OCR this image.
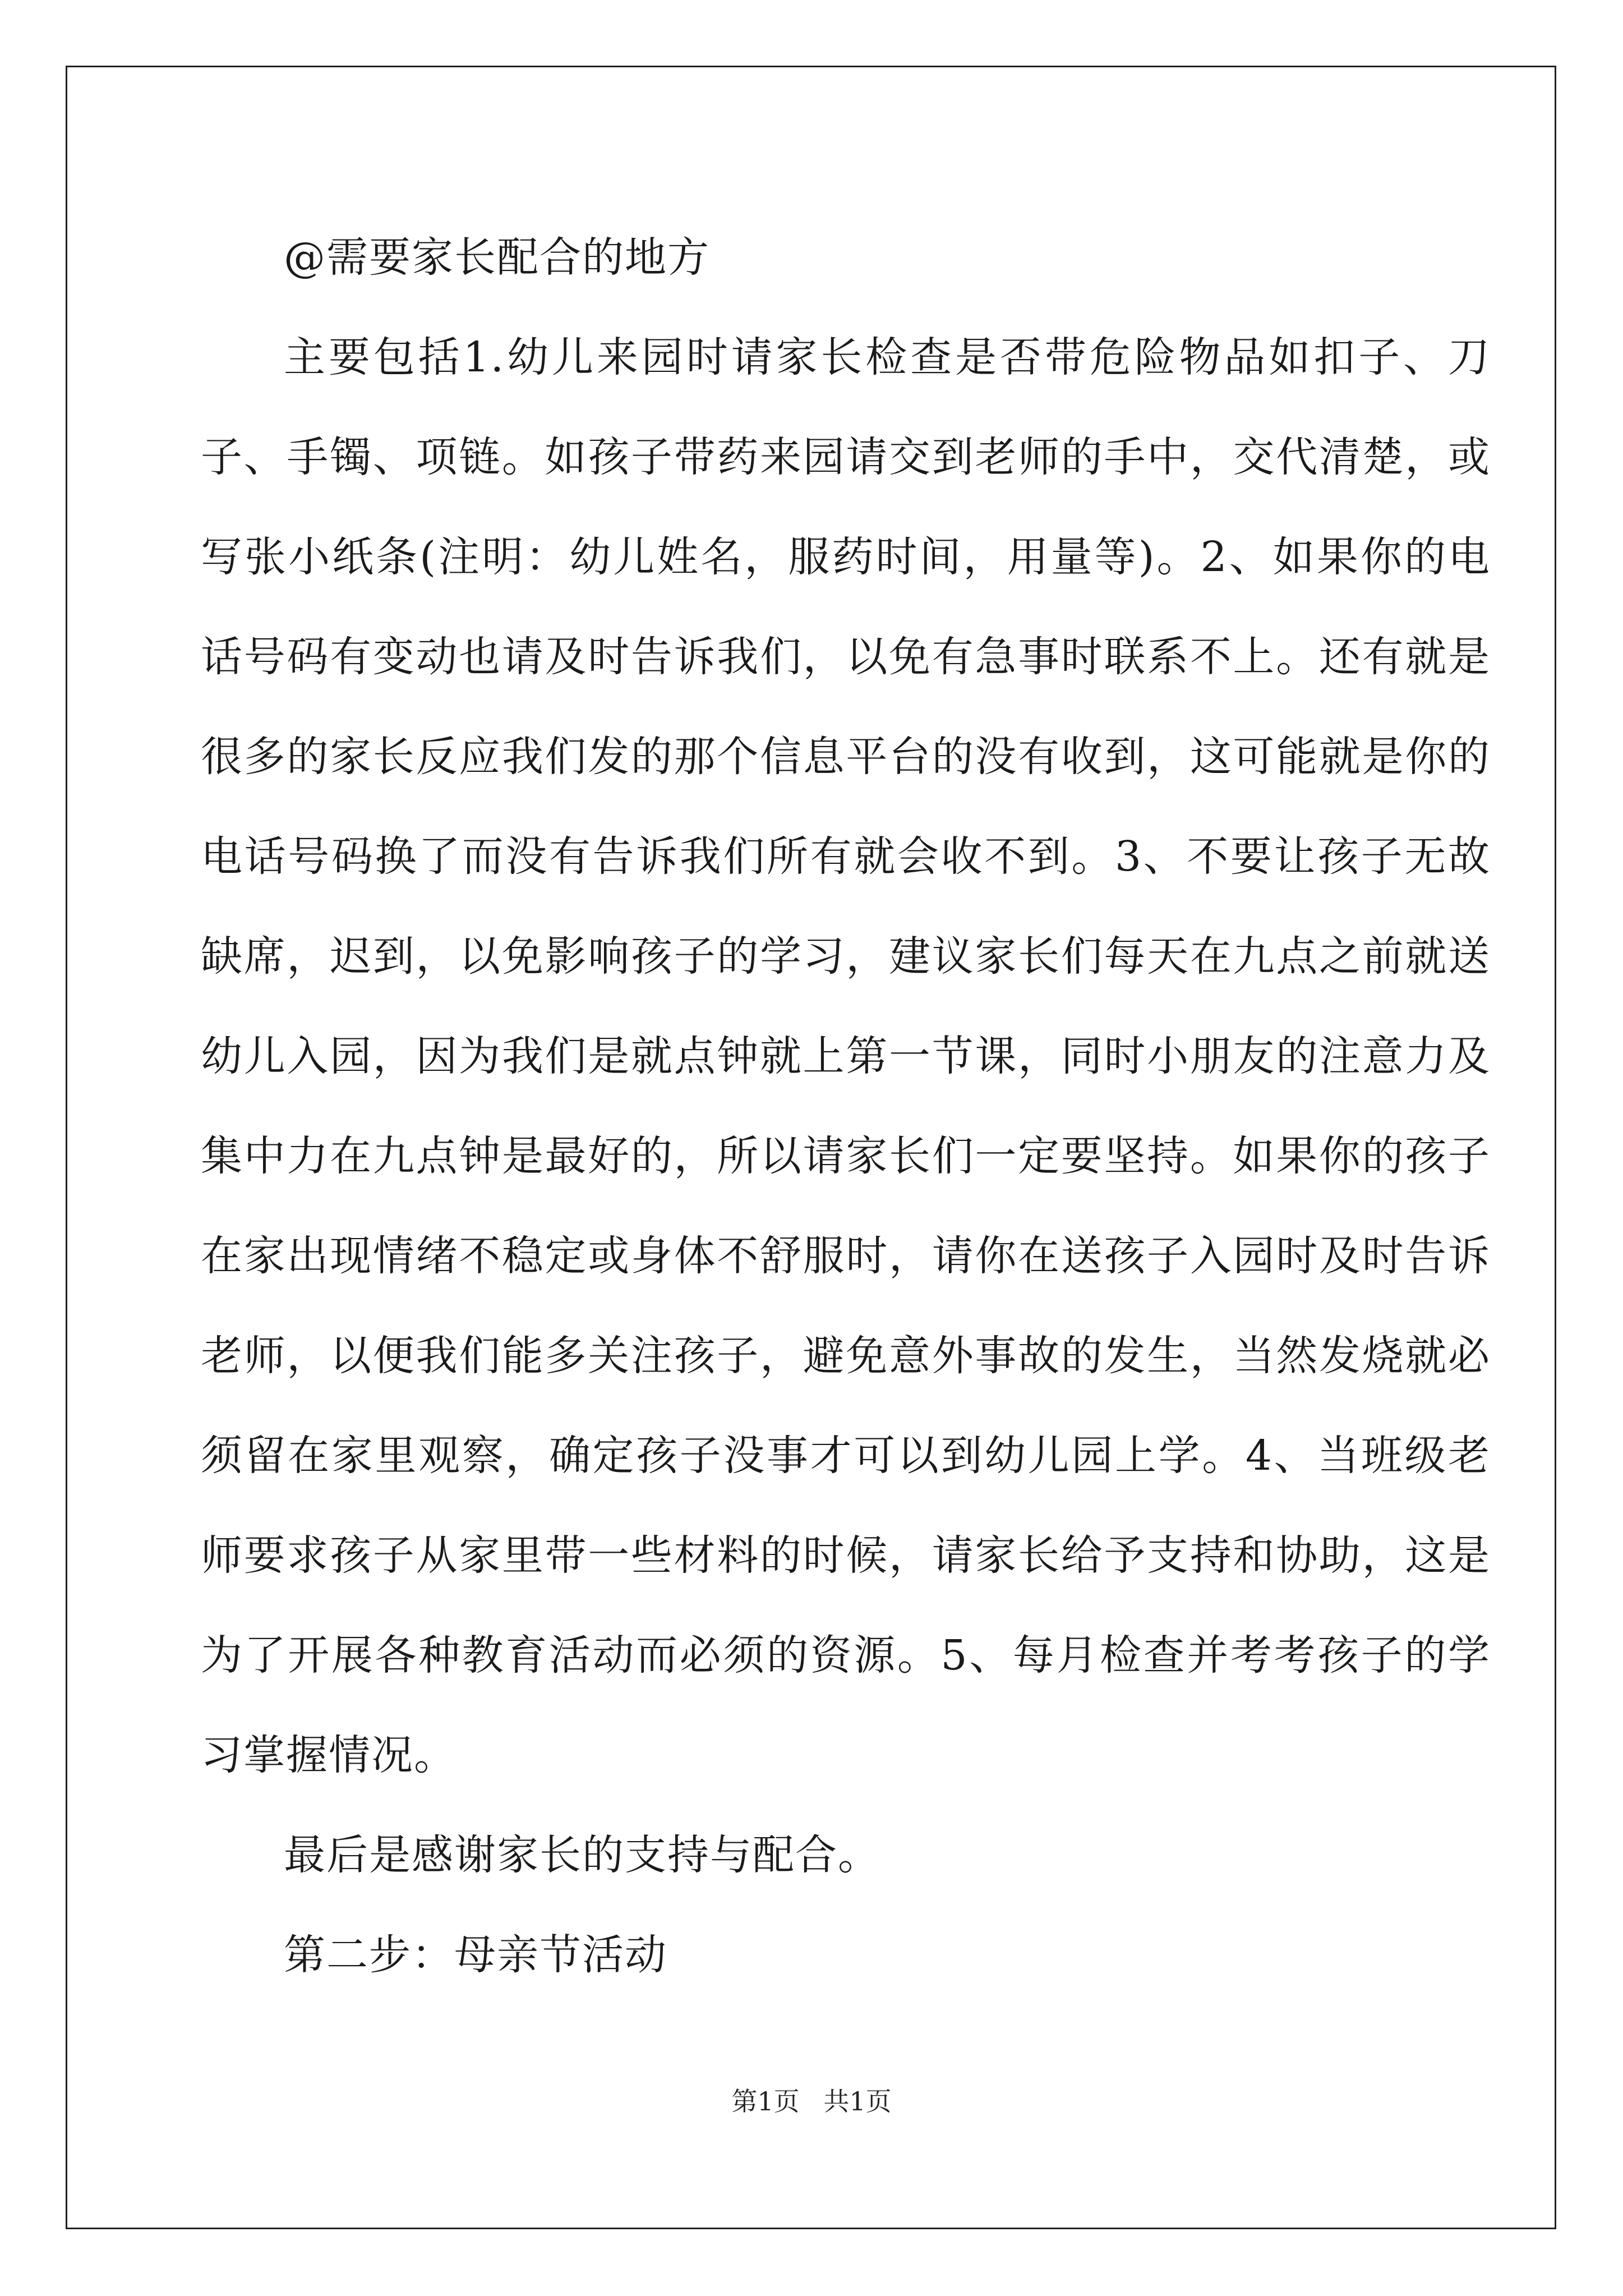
@需要家长配合的地方

主要包括1.幼儿来园时请家长检查是否带危险物品如扣子、刀子、手镯、项链。如孩子带药来园请交到老师的手中，交代清楚，或写张小纸条(注明：幼儿姓名，服药时间，用量等)。2、如果你的电话号码有变动也请及时告诉我们，以免有急事时联系不上。还有就是很多的家长反应我们发的那个信息平台的没有收到，这可能就是你的电话号码换了而没有告诉我们所有就会收不到。3、不要让孩子无故缺席，迟到，以免影响孩子的学习，建议家长们每天在九点之前就送幼儿入园，因为我们是就点钟就上第一节课，同时小朋友的注意力及集中力在九点钟是最好的，所以请家长们一定要坚持。如果你的孩子在家出现情绪不稳定或身体不舒服时，请你在送孩子入园时及时告诉老师，以便我们能多关注孩子，避免意外事故的发生，当然发烧就必须留在家里观察，确定孩子没事才可以到幼儿园上学。4、当班级老师要求孩子从家里带一些材料的时候，请家长给予支持和协助，这是为了开展各种教育活动而必须的资源。5、每月检查并考考孩子的学习掌握情况。

最后是感谢家长的支持与配合。

第二步：母亲节活动

第1页 共1页
